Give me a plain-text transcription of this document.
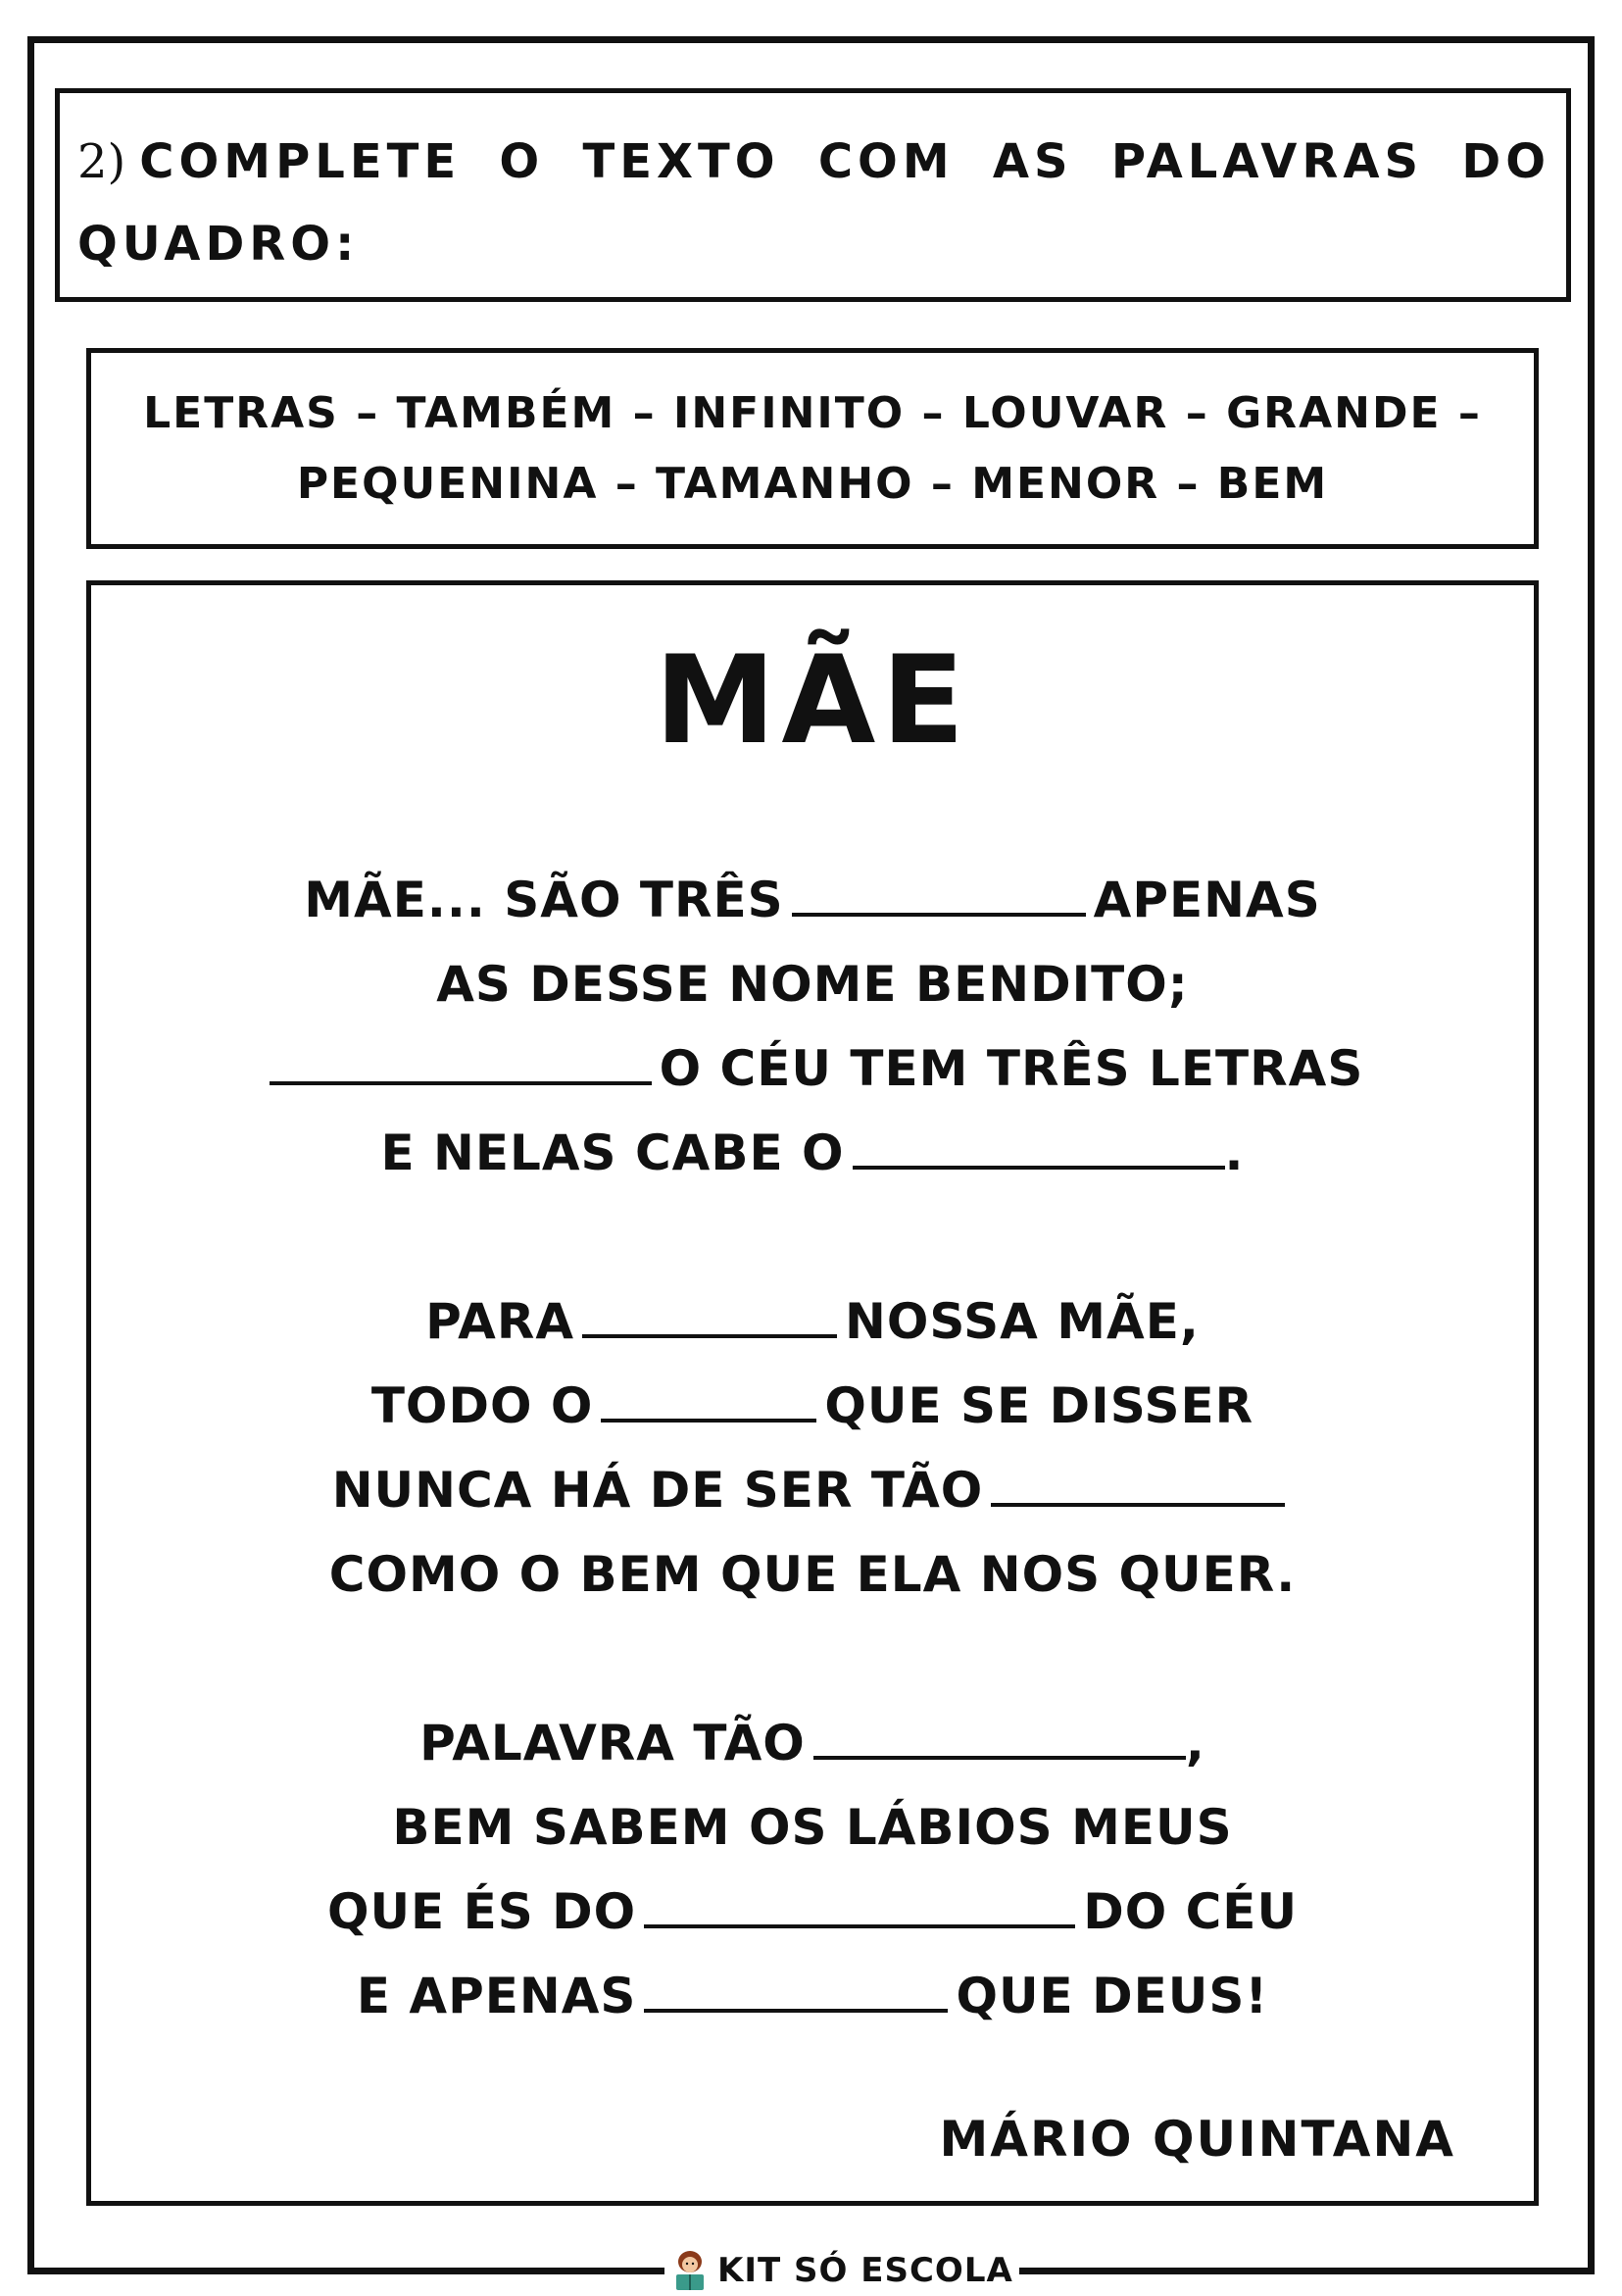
2) COMPLETE O TEXTO COM AS PALAVRAS DO QUADRO:

LETRAS – TAMBÉM – INFINITO – LOUVAR – GRANDE –
PEQUENINA – TAMANHO – MENOR – BEM
MÃE
MÃE... SÃO TRÊS	APENAS
AS DESSE NOME BENDITO;
O CÉU TEM TRÊS LETRAS
E NELAS CABE O	.
PARA	NOSSA MÃE,
TODO O	QUE SE DISSER
NUNCA HÁ DE SER TÃO
COMO O BEM QUE ELA NOS QUER.
PALAVRA TÃO	,
BEM SABEM OS LÁBIOS MEUS
QUE ÉS DO	DO CÉU
E APENAS	QUE DEUS!
MÁRIO QUINTANA
KIT SÓ ESCOLA
